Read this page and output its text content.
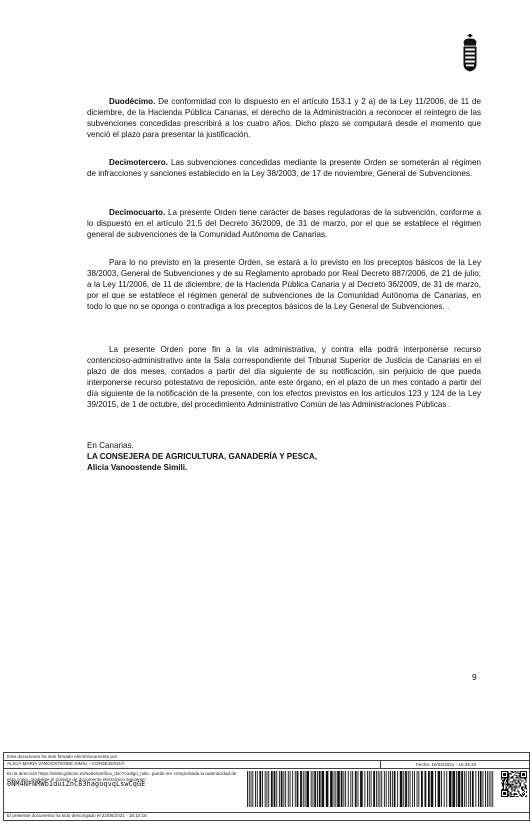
Duodécimo. De conformidad con lo dispuesto en el artículo 153.1 y 2 a) de la Ley 11/2006, de 11 de diciembre, de la Hacienda Pública Canarias, el derecho de la Administración a reconocer el reintegro de las subvenciones concedidas prescribirá a los cuatro años. Dicho plazo se computará desde el momento que venció el plazo para presentar la justificación.

Decimotercero. Las subvenciones concedidas mediante la presente Orden se someterán al régimen de infracciones y sanciones establecido en la Ley 38/2003, de 17 de noviembre, General de Subvenciones.

Decimocuarto. La presente Orden tiene carácter de bases reguladoras de la subvención, conforme a lo dispuesto en el artículo 21.5 del Decreto 36/2009, de 31 de marzo, por el que se establece el régimen general de subvenciones de la Comunidad Autónoma de Canarias.

Para lo no previsto en la presente Orden, se estará a lo previsto en los preceptos básicos de la Ley 38/2003, General de Subvenciones y de su Reglamento aprobado por Real Decreto 887/2006, de 21 de julio; a la Ley 11/2006, de 11 de diciembre, de la Hacienda Pública Canaria y al Decreto 36/2009, de 31 de marzo, por el que se establece el régimen general de subvenciones de la Comunidad Autónoma de Canarias, en todo lo que no se oponga o contradiga a los preceptos básicos de la Ley General de Subvenciones. .

La presente Orden pone fin a la vía administrativa, y contra ella podrá interponerse recurso contencioso-administrativo ante la Sala correspondiente del Tribunal Superior de Justicia de Canarias en el plazo de dos meses, contados a partir del día siguiente de su notificación, sin perjuicio de que pueda interponerse recurso potestativo de reposición, ante este órgano, en el plazo de un mes contado a partir del día siguiente de la notificación de la presente, con los efectos previstos en los artículos 123 y 124 de la Ley 39/2015, de 1 de octubre, del procedimiento Administrativo Común de las Administraciones Públicas .

En Canarias.
LA CONSEJERA DE AGRICULTURA, GANADERÍA Y PESCA,
Alicia Vanoostende Simili.
9
Este documento ha sido firmado electrónicamente por:
ALICIA MARIA VANOOSTENDE SIMILI - CONSEJERO/A	Fecha: 10/03/2021 - 16:45:40
En la dirección https://sede.gobcan.es/sede/verifica_doc?codigo_nde= puede ser comprobada la autenticidad de esta copia, mediante el número de documento electrónico siguiente: 0NM4NFNMWb1duiZnC83hagoqvqLswCqGE
El presente documento ha sido descargado el 22/06/2021 - 18:10:18
